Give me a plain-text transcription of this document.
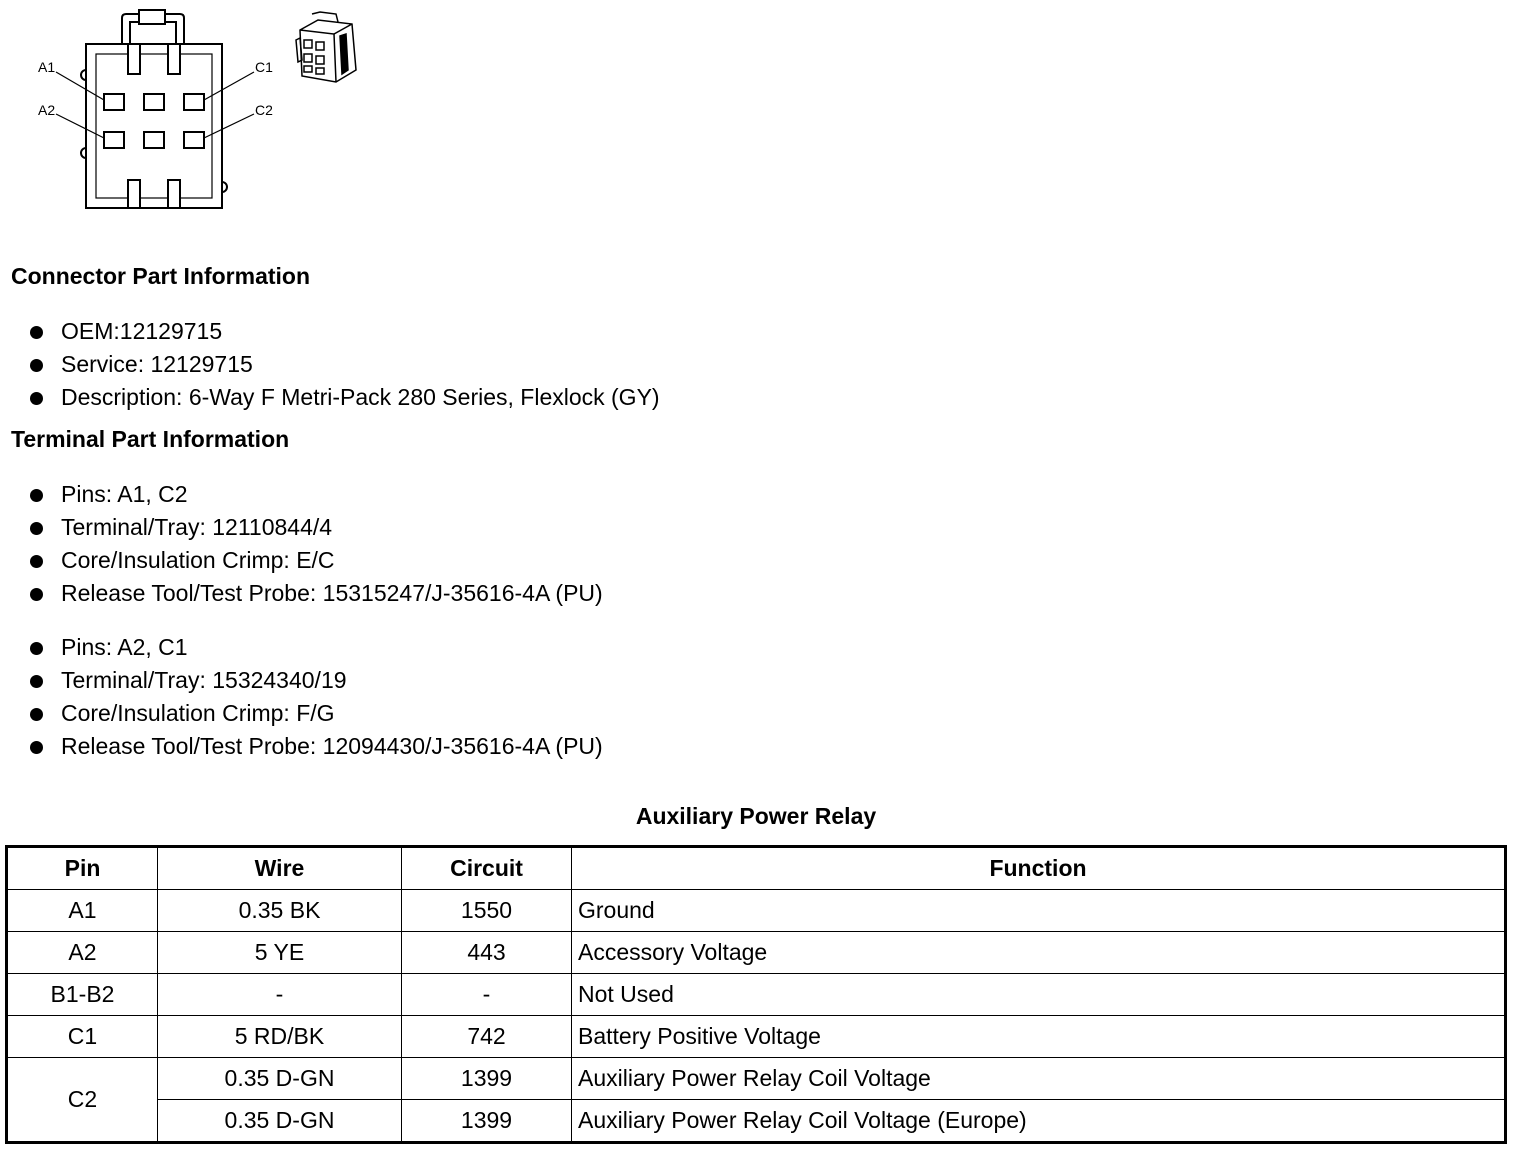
A1
A2
C1
C2
Connector Part Information
OEM:12129715
Service: 12129715
Description: 6-Way F Metri-Pack 280 Series, Flexlock (GY)
Terminal Part Information
Pins: A1, C2
Terminal/Tray: 12110844/4
Core/Insulation Crimp: E/C
Release Tool/Test Probe: 15315247/J-35616-4A (PU)
Pins: A2, C1
Terminal/Tray: 15324340/19
Core/Insulation Crimp: F/G
Release Tool/Test Probe: 12094430/J-35616-4A (PU)
Auxiliary Power Relay
Pin	Wire	Circuit	Function
A1	0.35 BK	1550	Ground
A2	5 YE	443	Accessory Voltage
B1-B2	-	-	Not Used
C1	5 RD/BK	742	Battery Positive Voltage
C2	0.35 D-GN	1399	Auxiliary Power Relay Coil Voltage
	0.35 D-GN	1399	Auxiliary Power Relay Coil Voltage (Europe)
